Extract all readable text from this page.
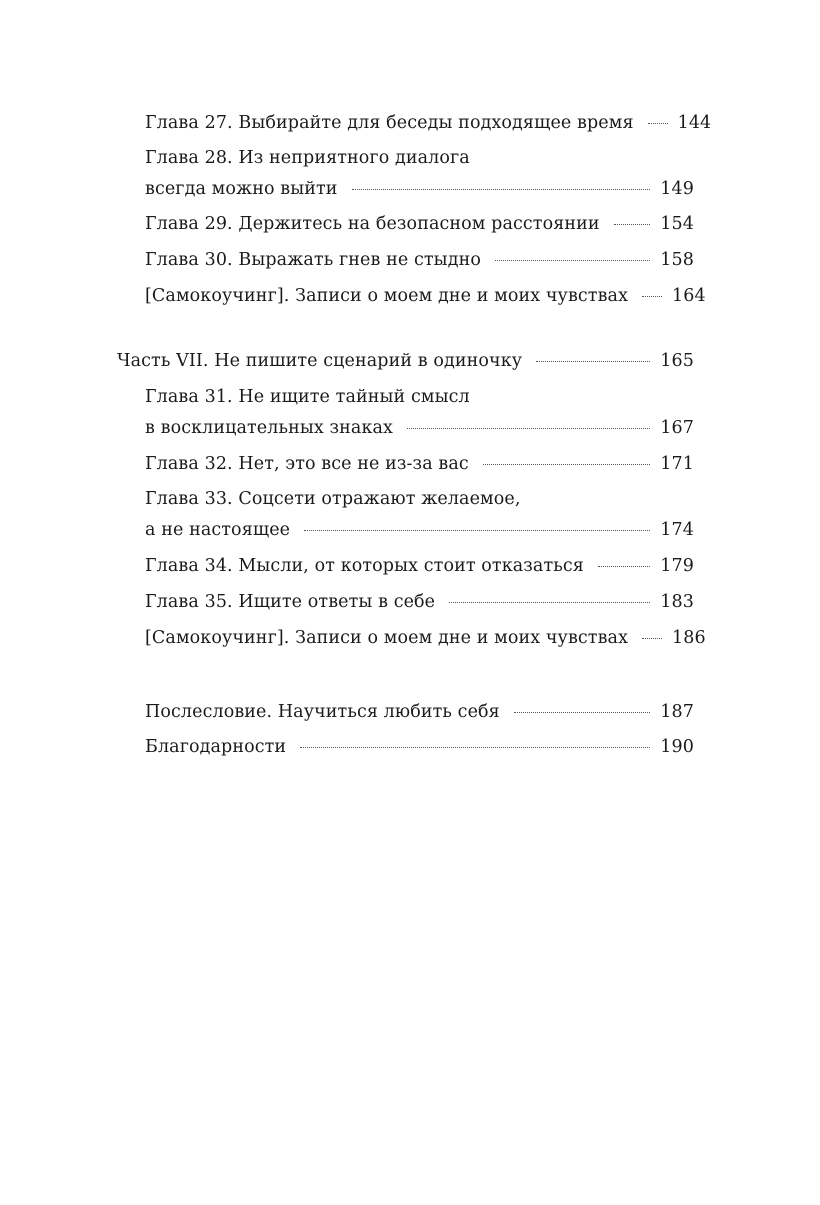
Глава 27. Выбирайте для беседы подходящее время	144
Глава 28. Из неприятного диалога
всегда можно выйти	149
Глава 29. Держитесь на безопасном расстоянии	154
Глава 30. Выражать гнев не стыдно	158
[Самокоучинг]. Записи о моем дне и моих чувствах	164
Часть VII. Не пишите сценарий в одиночку	165
Глава 31. Не ищите тайный смысл
в восклицательных знаках	167
Глава 32. Нет, это все не из-за вас	171
Глава 33. Соцсети отражают желаемое,
а не настоящее	174
Глава 34. Мысли, от которых стоит отказаться	179
Глава 35. Ищите ответы в себе	183
[Самокоучинг]. Записи о моем дне и моих чувствах	186
Послесловие. Научиться любить себя	187
Благодарности	190
